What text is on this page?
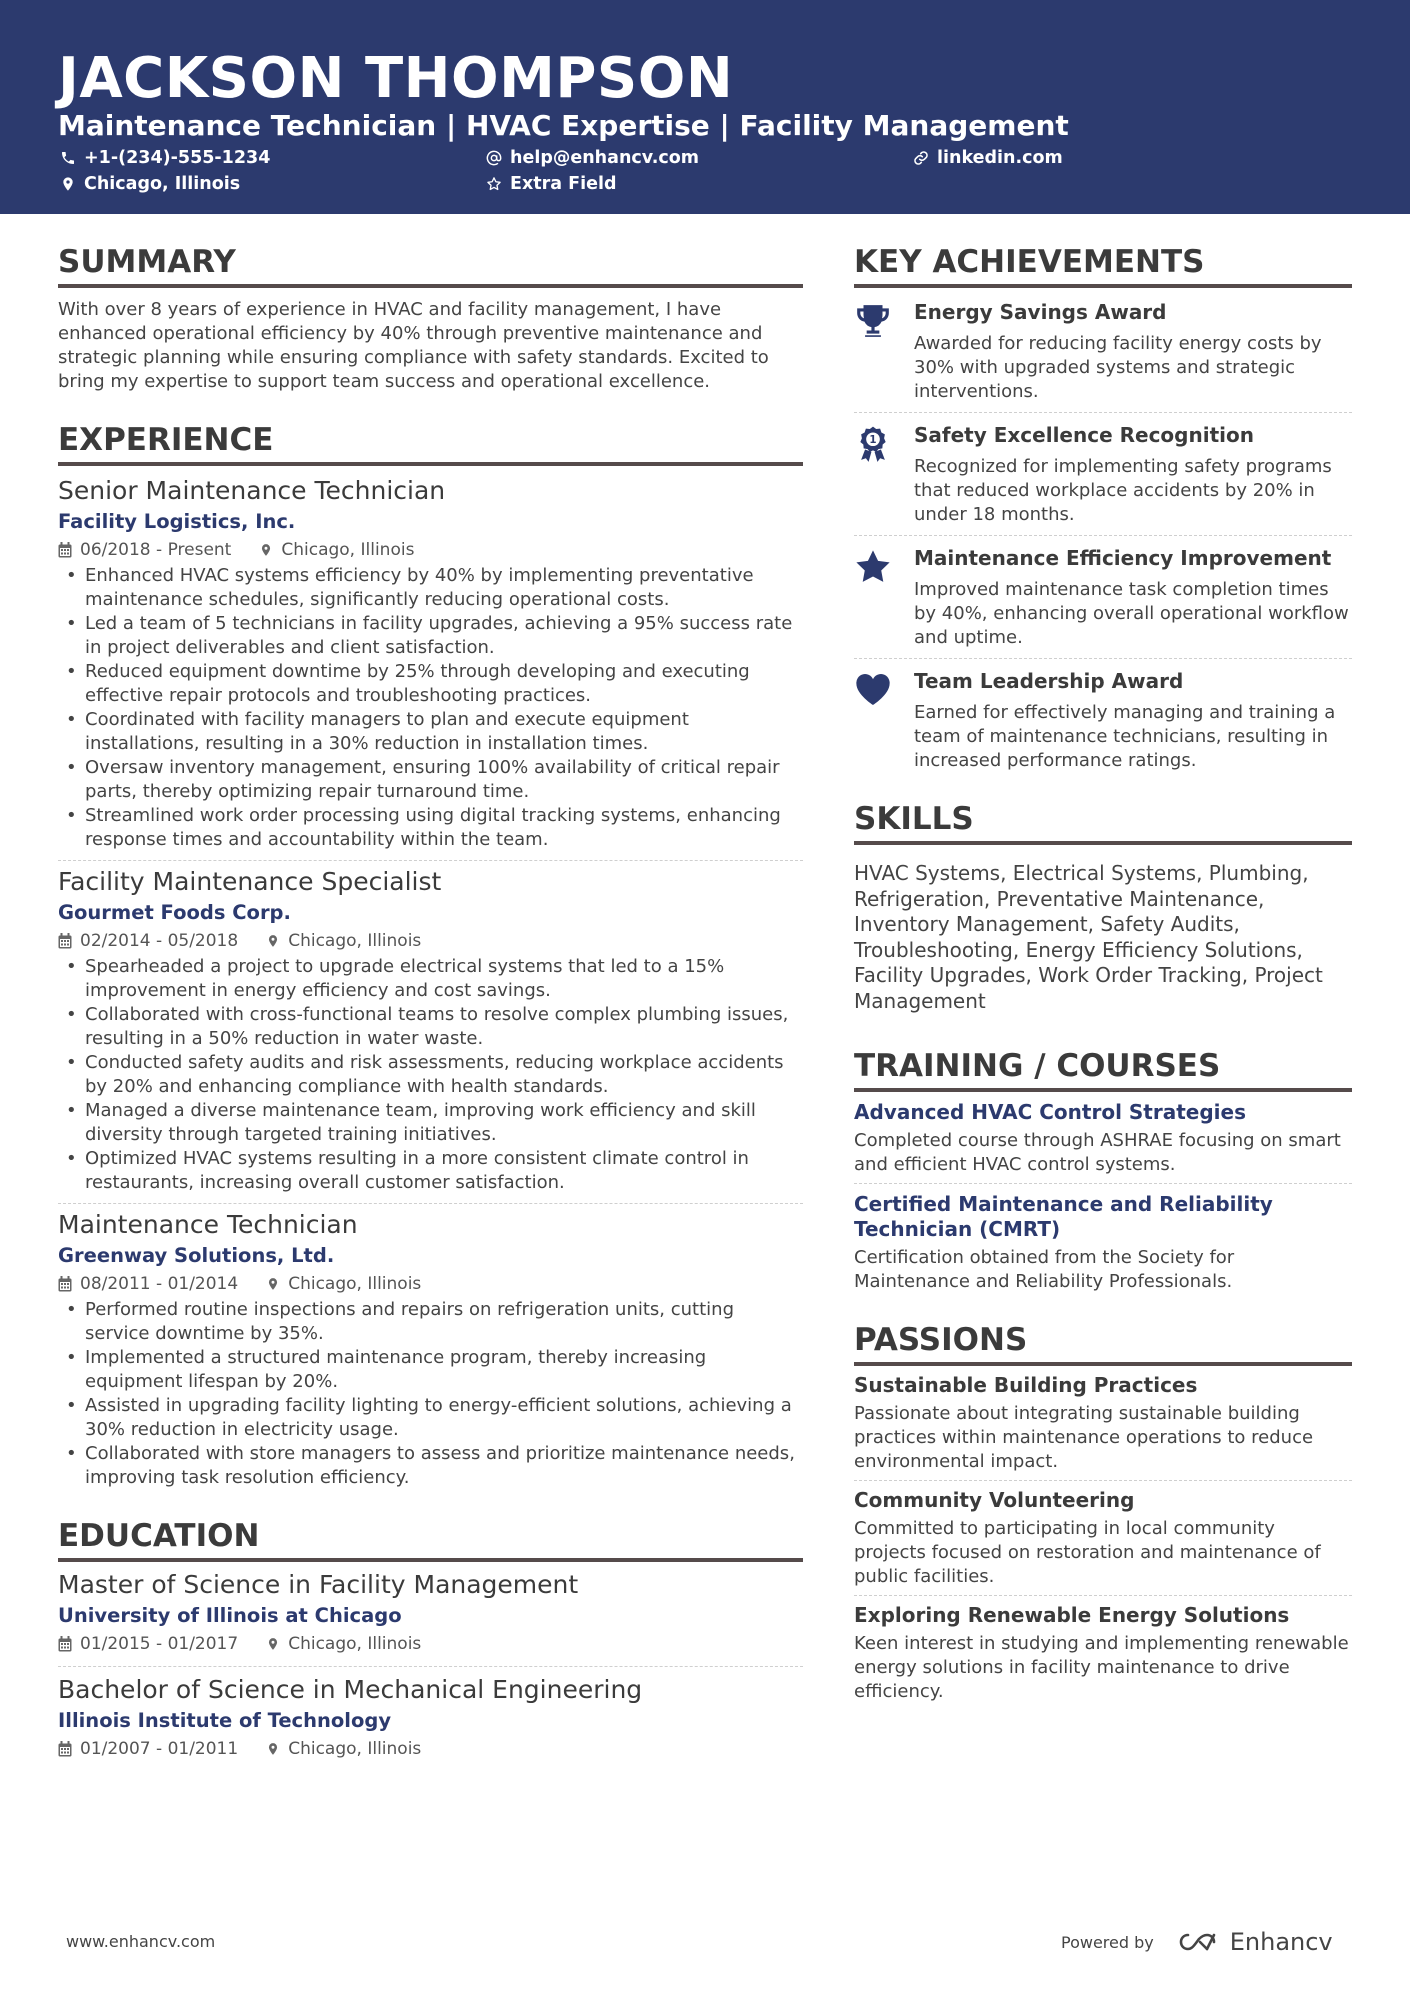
JACKSON THOMPSON
Maintenance Technician | HVAC Expertise | Facility Management
+1-(234)-555-1234	help@enhancv.com	linkedin.com
Chicago, Illinois	Extra Field
SUMMARY
With over 8 years of experience in HVAC and facility management, I have enhanced operational efficiency by 40% through preventive maintenance and strategic planning while ensuring compliance with safety standards. Excited to bring my expertise to support team success and operational excellence.
EXPERIENCE
Senior Maintenance Technician
Facility Logistics, Inc.
06/2018 - Present	Chicago, Illinois
• Enhanced HVAC systems efficiency by 40% by implementing preventative maintenance schedules, significantly reducing operational costs.
• Led a team of 5 technicians in facility upgrades, achieving a 95% success rate in project deliverables and client satisfaction.
• Reduced equipment downtime by 25% through developing and executing effective repair protocols and troubleshooting practices.
• Coordinated with facility managers to plan and execute equipment installations, resulting in a 30% reduction in installation times.
• Oversaw inventory management, ensuring 100% availability of critical repair parts, thereby optimizing repair turnaround time.
• Streamlined work order processing using digital tracking systems, enhancing response times and accountability within the team.
Facility Maintenance Specialist
Gourmet Foods Corp.
02/2014 - 05/2018	Chicago, Illinois
• Spearheaded a project to upgrade electrical systems that led to a 15% improvement in energy efficiency and cost savings.
• Collaborated with cross-functional teams to resolve complex plumbing issues, resulting in a 50% reduction in water waste.
• Conducted safety audits and risk assessments, reducing workplace accidents by 20% and enhancing compliance with health standards.
• Managed a diverse maintenance team, improving work efficiency and skill diversity through targeted training initiatives.
• Optimized HVAC systems resulting in a more consistent climate control in restaurants, increasing overall customer satisfaction.
Maintenance Technician
Greenway Solutions, Ltd.
08/2011 - 01/2014	Chicago, Illinois
• Performed routine inspections and repairs on refrigeration units, cutting service downtime by 35%.
• Implemented a structured maintenance program, thereby increasing equipment lifespan by 20%.
• Assisted in upgrading facility lighting to energy-efficient solutions, achieving a 30% reduction in electricity usage.
• Collaborated with store managers to assess and prioritize maintenance needs, improving task resolution efficiency.
EDUCATION
Master of Science in Facility Management
University of Illinois at Chicago
01/2015 - 01/2017	Chicago, Illinois
Bachelor of Science in Mechanical Engineering
Illinois Institute of Technology
01/2007 - 01/2011	Chicago, Illinois
KEY ACHIEVEMENTS
Energy Savings Award
Awarded for reducing facility energy costs by 30% with upgraded systems and strategic interventions.
1 Safety Excellence Recognition
Recognized for implementing safety programs that reduced workplace accidents by 20% in under 18 months.
Maintenance Efficiency Improvement
Improved maintenance task completion times by 40%, enhancing overall operational workflow and uptime.
Team Leadership Award
Earned for effectively managing and training a team of maintenance technicians, resulting in increased performance ratings.
SKILLS
HVAC Systems, Electrical Systems, Plumbing, Refrigeration, Preventative Maintenance, Inventory Management, Safety Audits, Troubleshooting, Energy Efficiency Solutions, Facility Upgrades, Work Order Tracking, Project Management
TRAINING / COURSES
Advanced HVAC Control Strategies
Completed course through ASHRAE focusing on smart and efficient HVAC control systems.
Certified Maintenance and Reliability Technician (CMRT)
Certification obtained from the Society for Maintenance and Reliability Professionals.
PASSIONS
Sustainable Building Practices
Passionate about integrating sustainable building practices within maintenance operations to reduce environmental impact.
Community Volunteering
Committed to participating in local community projects focused on restoration and maintenance of public facilities.
Exploring Renewable Energy Solutions
Keen interest in studying and implementing renewable energy solutions in facility maintenance to drive efficiency.
www.enhancv.com	Powered by	Enhancv
